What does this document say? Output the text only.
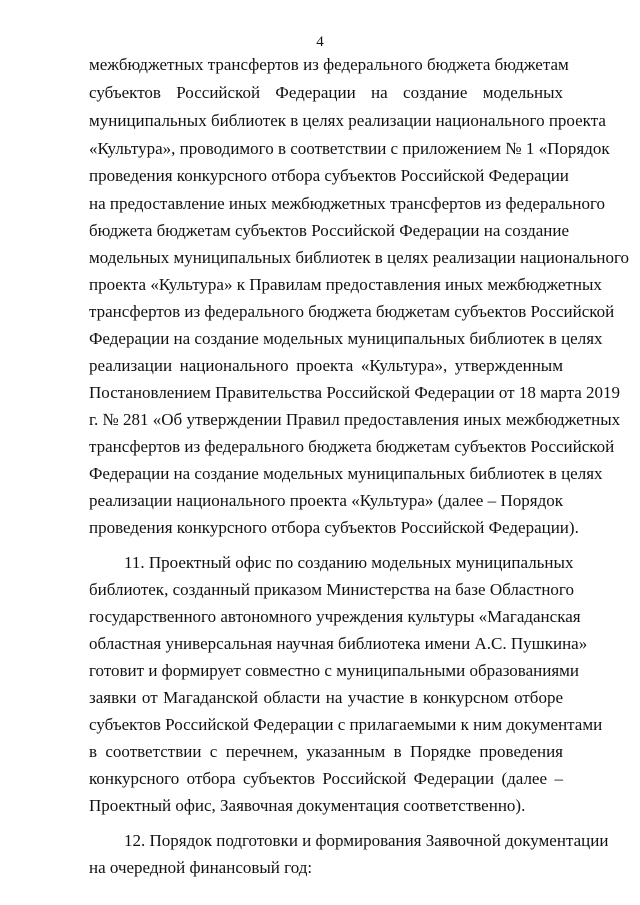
4
межбюджетных трансфертов из федерального бюджета бюджетам
субъектов Российской Федерации на создание модельных
муниципальных библиотек в целях реализации национального проекта
«Культура», проводимого в соответствии с приложением № 1 «Порядок
проведения конкурсного отбора субъектов Российской Федерации
на предоставление иных межбюджетных трансфертов из федерального
бюджета бюджетам субъектов Российской Федерации на создание
модельных муниципальных библиотек в целях реализации национального
проекта «Культура» к Правилам предоставления иных межбюджетных
трансфертов из федерального бюджета бюджетам субъектов Российской
Федерации на создание модельных муниципальных библиотек в целях
реализации национального проекта «Культура», утвержденным
Постановлением Правительства Российской Федерации от 18 марта 2019
г. № 281 «Об утверждении Правил предоставления иных межбюджетных
трансфертов из федерального бюджета бюджетам субъектов Российской
Федерации на создание модельных муниципальных библиотек в целях
реализации национального проекта «Культура» (далее – Порядок
проведения конкурсного отбора субъектов Российской Федерации).
11. Проектный офис по созданию модельных муниципальных
библиотек, созданный приказом Министерства на базе Областного
государственного автономного учреждения культуры «Магаданская
областная универсальная научная библиотека имени А.С. Пушкина»
готовит и формирует совместно с муниципальными образованиями
заявки от Магаданской области на участие в конкурсном отборе
субъектов Российской Федерации с прилагаемыми к ним документами
в соответствии с перечнем, указанным в Порядке проведения
конкурсного отбора субъектов Российской Федерации (далее –
Проектный офис, Заявочная документация соответственно).
12. Порядок подготовки и формирования Заявочной документации
на очередной финансовый год:
